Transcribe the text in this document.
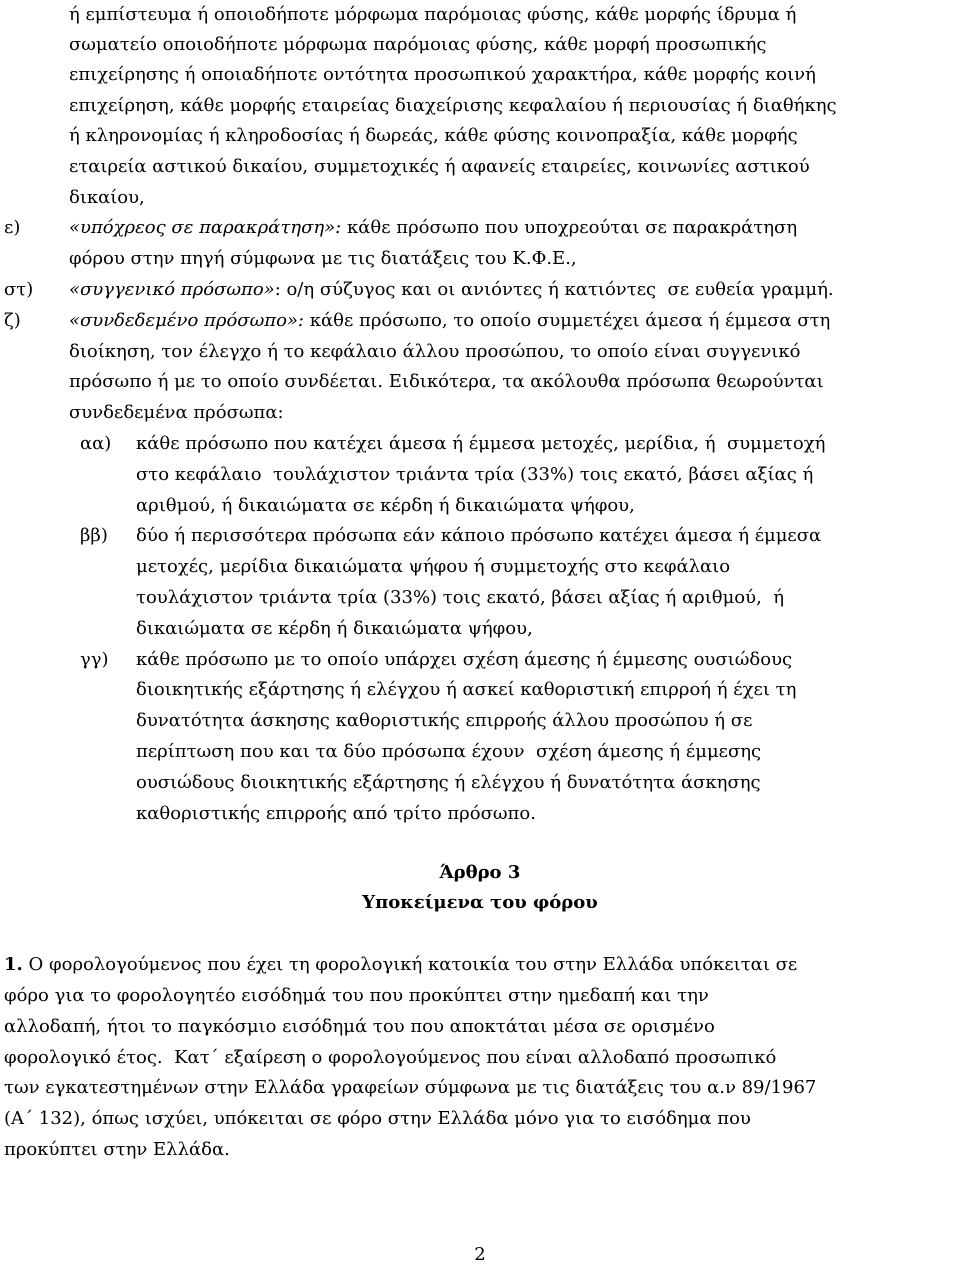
ή εμπίστευμα ή οποιοδήποτε μόρφωμα παρόμοιας φύσης, κάθε μορφής ίδρυμα ή
σωματείο οποιοδήποτε μόρφωμα παρόμοιας φύσης, κάθε μορφή προσωπικής
επιχείρησης ή οποιαδήποτε οντότητα προσωπικού χαρακτήρα, κάθε μορφής κοινή
επιχείρηση, κάθε μορφής εταιρείας διαχείρισης κεφαλαίου ή περιουσίας ή διαθήκης
ή κληρονομίας ή κληροδοσίας ή δωρεάς, κάθε φύσης κοινοπραξία, κάθε μορφής
εταιρεία αστικού δικαίου, συμμετοχικές ή αφανείς εταιρείες, κοινωνίες αστικού
δικαίου,
ε)	«υπόχρεος σε παρακράτηση»: κάθε πρόσωπο που υποχρεούται σε παρακράτηση
φόρου στην πηγή σύμφωνα με τις διατάξεις του Κ.Φ.Ε.,
στ) «συγγενικό πρόσωπο»: ο/η σύζυγος και οι ανιόντες ή κατιόντες  σε ευθεία γραμμή.
ζ)	«συνδεδεμένο πρόσωπο»: κάθε πρόσωπο, το οποίο συμμετέχει άμεσα ή έμμεσα στη
διοίκηση, τον έλεγχο ή το κεφάλαιο άλλου προσώπου, το οποίο είναι συγγενικό
πρόσωπο ή με το οποίο συνδέεται. Ειδικότερα, τα ακόλουθα πρόσωπα θεωρούνται
συνδεδεμένα πρόσωπα:
αα) κάθε πρόσωπο που κατέχει άμεσα ή έμμεσα μετοχές, μερίδια, ή  συμμετοχή
στο κεφάλαιο  τουλάχιστον τριάντα τρία (33%) τοις εκατό, βάσει αξίας ή
αριθμού, ή δικαιώματα σε κέρδη ή δικαιώματα ψήφου,
ββ) δύο ή περισσότερα πρόσωπα εάν κάποιο πρόσωπο κατέχει άμεσα ή έμμεσα
μετοχές, μερίδια δικαιώματα ψήφου ή συμμετοχής στο κεφάλαιο
τουλάχιστον τριάντα τρία (33%) τοις εκατό, βάσει αξίας ή αριθμού,  ή
δικαιώματα σε κέρδη ή δικαιώματα ψήφου,
γγ) κάθε πρόσωπο με το οποίο υπάρχει σχέση άμεσης ή έμμεσης ουσιώδους
διοικητικής εξάρτησης ή ελέγχου ή ασκεί καθοριστική επιρροή ή έχει τη
δυνατότητα άσκησης καθοριστικής επιρροής άλλου προσώπου ή σε
περίπτωση που και τα δύο πρόσωπα έχουν  σχέση άμεσης ή έμμεσης
ουσιώδους διοικητικής εξάρτησης ή ελέγχου ή δυνατότητα άσκησης
καθοριστικής επιρροής από τρίτο πρόσωπο.
Άρθρο 3
Υποκείμενα του φόρου
1. Ο φορολογούμενος που έχει τη φορολογική κατοικία του στην Ελλάδα υπόκειται σε
φόρο για το φορολογητέο εισόδημά του που προκύπτει στην ημεδαπή και την
αλλοδαπή, ήτοι το παγκόσμιο εισόδημά του που αποκτάται μέσα σε ορισμένο
φορολογικό έτος.  Κατ΄ εξαίρεση ο φορολογούμενος που είναι αλλοδαπό προσωπικό
των εγκατεστημένων στην Ελλάδα γραφείων σύμφωνα με τις διατάξεις του α.ν 89/1967
(Α΄ 132), όπως ισχύει, υπόκειται σε φόρο στην Ελλάδα μόνο για το εισόδημα που
προκύπτει στην Ελλάδα.
2
